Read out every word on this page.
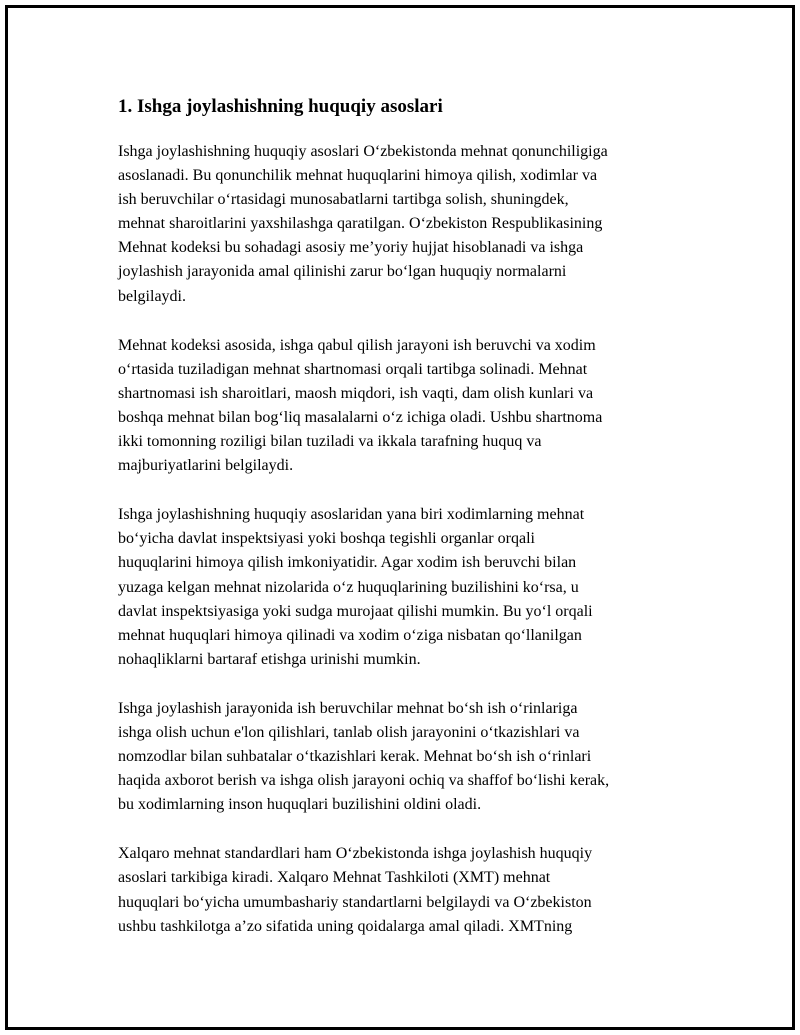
1. Ishga joylashishning huquqiy asoslari

Ishga joylashishning huquqiy asoslari O‘zbekistonda mehnat qonunchiligiga
asoslanadi. Bu qonunchilik mehnat huquqlarini himoya qilish, xodimlar va
ish beruvchilar o‘rtasidagi munosabatlarni tartibga solish, shuningdek,
mehnat sharoitlarini yaxshilashga qaratilgan. O‘zbekiston Respublikasining
Mehnat kodeksi bu sohadagi asosiy me’yoriy hujjat hisoblanadi va ishga
joylashish jarayonida amal qilinishi zarur bo‘lgan huquqiy normalarni
belgilaydi.

Mehnat kodeksi asosida, ishga qabul qilish jarayoni ish beruvchi va xodim
o‘rtasida tuziladigan mehnat shartnomasi orqali tartibga solinadi. Mehnat
shartnomasi ish sharoitlari, maosh miqdori, ish vaqti, dam olish kunlari va
boshqa mehnat bilan bog‘liq masalalarni o‘z ichiga oladi. Ushbu shartnoma
ikki tomonning roziligi bilan tuziladi va ikkala tarafning huquq va
majburiyatlarini belgilaydi.

Ishga joylashishning huquqiy asoslaridan yana biri xodimlarning mehnat
bo‘yicha davlat inspektsiyasi yoki boshqa tegishli organlar orqali
huquqlarini himoya qilish imkoniyatidir. Agar xodim ish beruvchi bilan
yuzaga kelgan mehnat nizolarida o‘z huquqlarining buzilishini ko‘rsa, u
davlat inspektsiyasiga yoki sudga murojaat qilishi mumkin. Bu yo‘l orqali
mehnat huquqlari himoya qilinadi va xodim o‘ziga nisbatan qo‘llanilgan
nohaqliklarni bartaraf etishga urinishi mumkin.

Ishga joylashish jarayonida ish beruvchilar mehnat bo‘sh ish o‘rinlariga
ishga olish uchun e'lon qilishlari, tanlab olish jarayonini o‘tkazishlari va
nomzodlar bilan suhbatalar o‘tkazishlari kerak. Mehnat bo‘sh ish o‘rinlari
haqida axborot berish va ishga olish jarayoni ochiq va shaffof bo‘lishi kerak,
bu xodimlarning inson huquqlari buzilishini oldini oladi.

Xalqaro mehnat standardlari ham O‘zbekistonda ishga joylashish huquqiy
asoslari tarkibiga kiradi. Xalqaro Mehnat Tashkiloti (XMT) mehnat
huquqlari bo‘yicha umumbashariy standartlarni belgilaydi va O‘zbekiston
ushbu tashkilotga a’zo sifatida uning qoidalarga amal qiladi. XMTning
